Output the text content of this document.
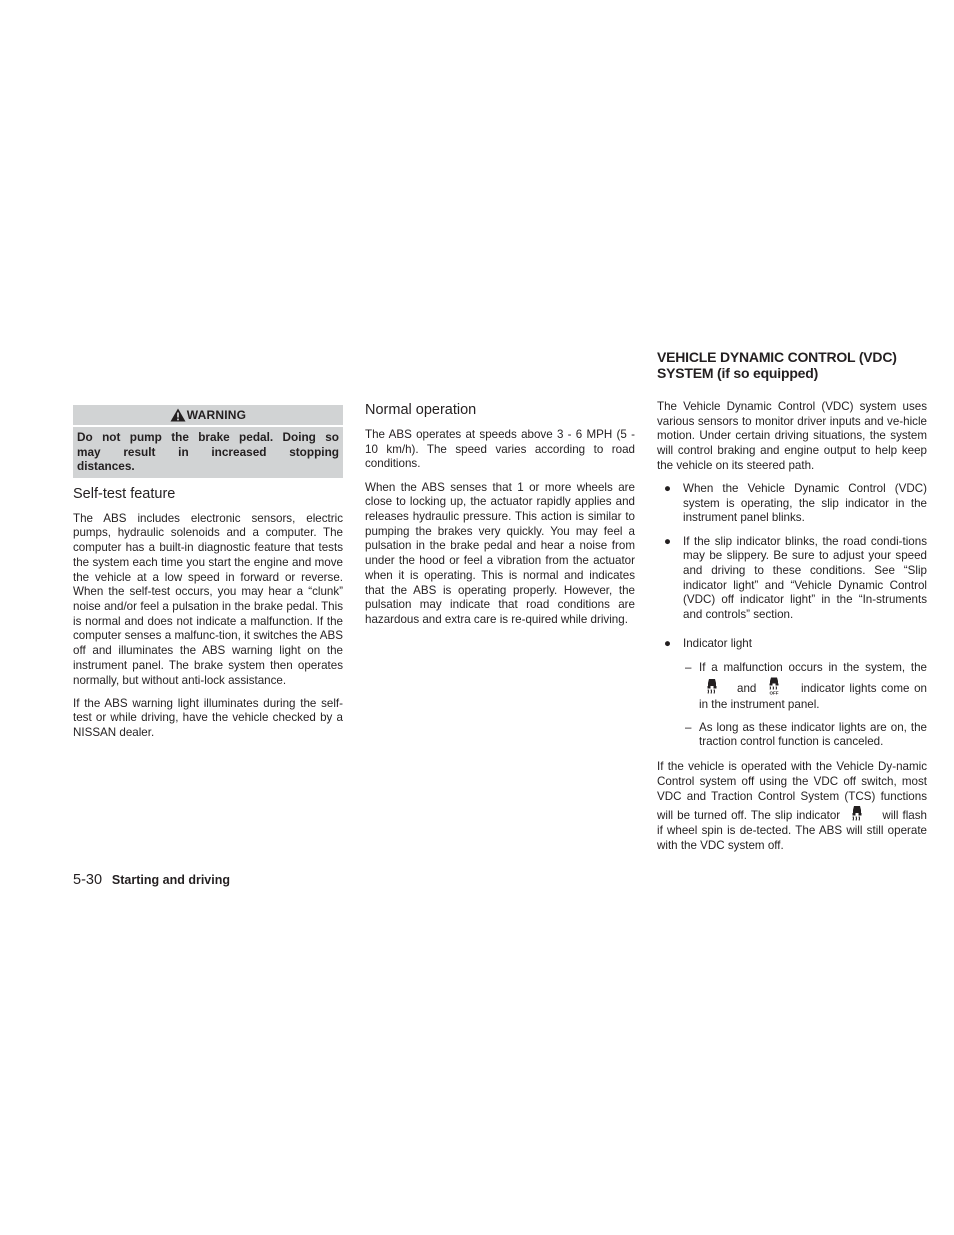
WARNING
Do not pump the brake pedal. Doing so
may result in increased stopping
distances.
Self-test feature

The ABS includes electronic sensors, electric pumps, hydraulic solenoids and a computer. The computer has a built-in diagnostic feature that tests the system each time you start the engine and move the vehicle at a low speed in forward or reverse. When the self-test occurs, you may hear a “clunk” noise and/or feel a pulsation in the brake pedal. This is normal and does not indicate a malfunction. If the computer senses a malfunc-tion, it switches the ABS off and illuminates the ABS warning light on the instrument panel. The brake system then operates normally, but without anti-lock assistance.

If the ABS warning light illuminates during the self-test or while driving, have the vehicle checked by a NISSAN dealer.

Normal operation

The ABS operates at speeds above 3 - 6 MPH (5 - 10 km/h). The speed varies according to road conditions.

When the ABS senses that 1 or more wheels are close to locking up, the actuator rapidly applies and releases hydraulic pressure. This action is similar to pumping the brakes very quickly. You may feel a pulsation in the brake pedal and hear a noise from under the hood or feel a vibration from the actuator when it is operating. This is normal and indicates that the ABS is operating properly. However, the pulsation may indicate that road conditions are hazardous and extra care is re-quired while driving.

VEHICLE DYNAMIC CONTROL (VDC)
SYSTEM (if so equipped)

The Vehicle Dynamic Control (VDC) system uses various sensors to monitor driver inputs and ve-hicle motion. Under certain driving situations, the system will control braking and engine output to help keep the vehicle on its steered path.

● When the Vehicle Dynamic Control (VDC) system is operating, the slip indicator in the instrument panel blinks.
● If the slip indicator blinks, the road condi-tions may be slippery. Be sure to adjust your speed and driving to these conditions. See “Slip indicator light” and “Vehicle Dynamic Control (VDC) off indicator light” in the “In-struments and controls” section.
● Indicator light
– If a malfunction occurs in the system, the and	OFF indicator lights come on in the instrument panel.
– As long as these indicator lights are on, the traction control function is canceled.

If the vehicle is operated with the Vehicle Dy-namic Control system off using the VDC off switch, most VDC and Traction Control System (TCS) functions will be turned off. The slip indicator	will flash if wheel spin is de-tected. The ABS will still operate with the VDC system off.

5-30 Starting and driving
